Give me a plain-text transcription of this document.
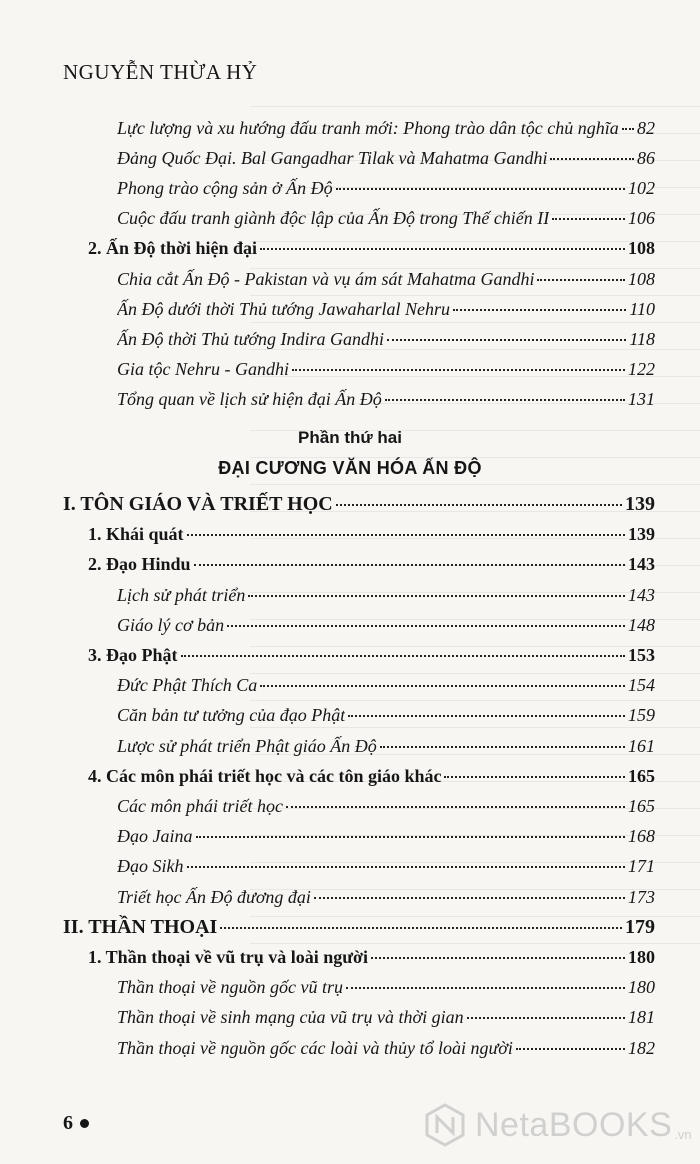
NGUYỄN THỪA HỶ
Lực lượng và xu hướng đấu tranh mới: Phong trào dân tộc chủ nghĩa 82
Đảng Quốc Đại. Bal Gangadhar Tilak và Mahatma Gandhi	86
Phong trào cộng sản ở Ấn Độ	102
Cuộc đấu tranh giành độc lập của Ấn Độ trong Thế chiến II	106
2. Ấn Độ thời hiện đại	108
Chia cắt Ấn Độ - Pakistan và vụ ám sát Mahatma Gandhi	108
Ấn Độ dưới thời Thủ tướng Jawaharlal Nehru	110
Ấn Độ thời Thủ tướng Indira Gandhi	118
Gia tộc Nehru - Gandhi	122
Tổng quan về lịch sử hiện đại Ấn Độ	131
I. TÔN GIÁO VÀ TRIẾT HỌC	139
1. Khái quát	139
2. Đạo Hindu	143
Lịch sử phát triển	143
Giáo lý cơ bản	148
3. Đạo Phật	153
Đức Phật Thích Ca	154
Căn bản tư tưởng của đạo Phật	159
Lược sử phát triển Phật giáo Ấn Độ	161
4. Các môn phái triết học và các tôn giáo khác	165
Các môn phái triết học	165
Đạo Jaina	168
Đạo Sikh	171
Triết học Ấn Độ đương đại	173
II. THẦN THOẠI	179
1. Thần thoại về vũ trụ và loài người	180
Thần thoại về nguồn gốc vũ trụ	180
Thần thoại về sinh mạng của vũ trụ và thời gian	181
Thần thoại về nguồn gốc các loài và thủy tổ loài người	182
Phần thứ hai
ĐẠI CƯƠNG VĂN HÓA ẤN ĐỘ
6	NetaBOOKS .vn
